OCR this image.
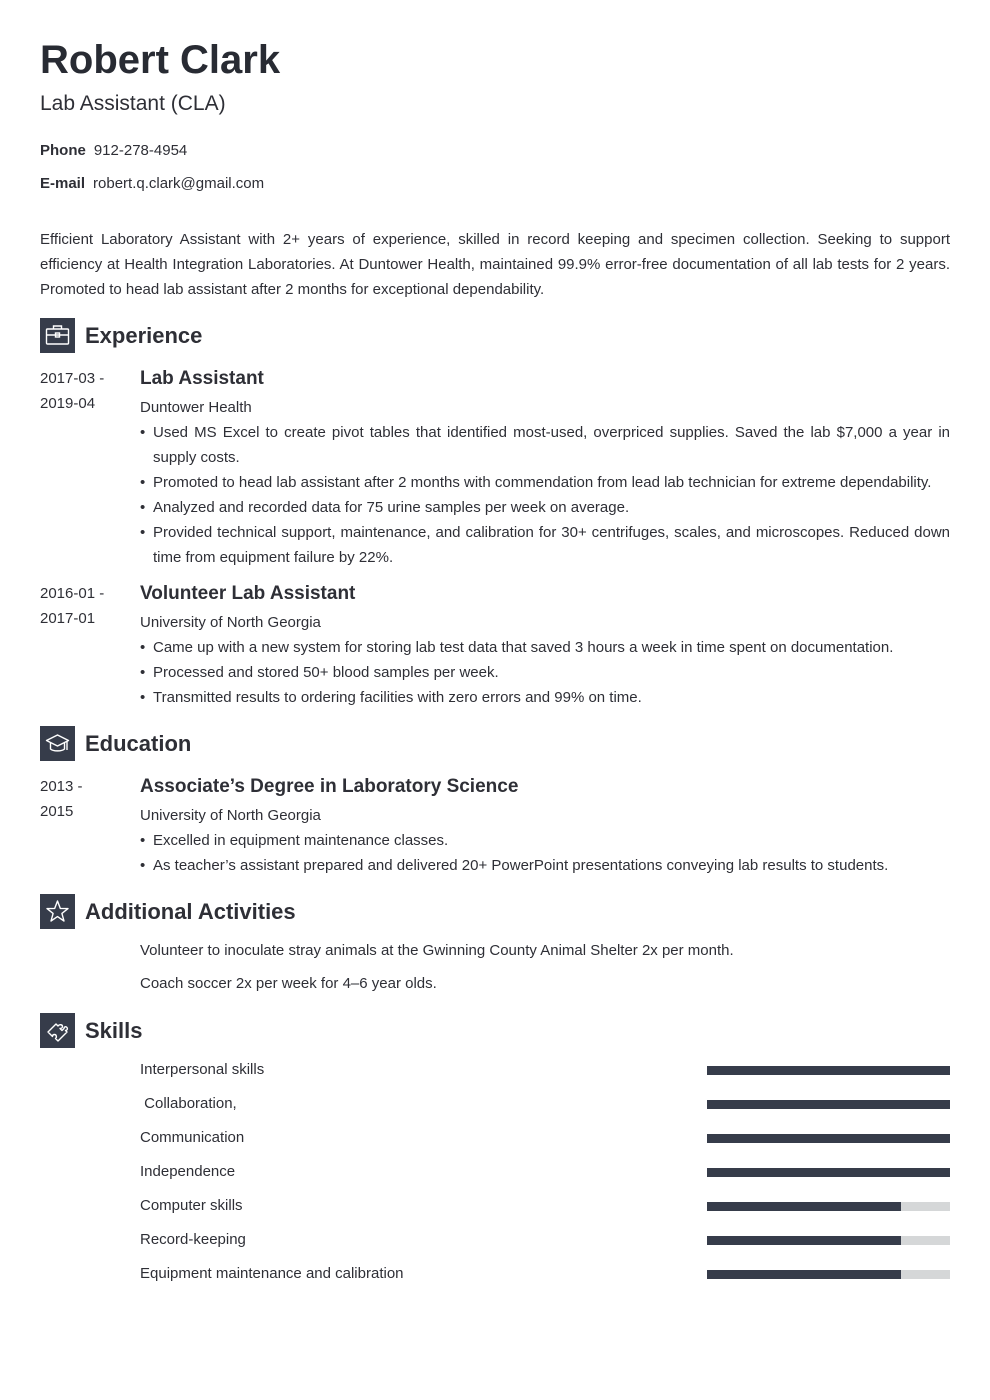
Robert Clark
Lab Assistant (CLA)
Phone 912-278-4954
E-mail robert.q.clark@gmail.com

Efficient Laboratory Assistant with 2+ years of experience, skilled in record keeping and specimen collection. Seeking to support efficiency at Health Integration Laboratories. At Duntower Health, maintained 99.9% error-free documentation of all lab tests for 2 years. Promoted to head lab assistant after 2 months for exceptional dependability.

Experience
2017-03 -
2019-04
Lab Assistant
Duntower Health
• Used MS Excel to create pivot tables that identified most-used, overpriced supplies. Saved the lab $7,000 a year in supply costs.
• Promoted to head lab assistant after 2 months with commendation from lead lab technician for extreme dependability.
• Analyzed and recorded data for 75 urine samples per week on average.
• Provided technical support, maintenance, and calibration for 30+ centrifuges, scales, and microscopes. Reduced down time from equipment failure by 22%.
2016-01 -
2017-01
Volunteer Lab Assistant
University of North Georgia
• Came up with a new system for storing lab test data that saved 3 hours a week in time spent on documentation.
• Processed and stored 50+ blood samples per week.
• Transmitted results to ordering facilities with zero errors and 99% on time.
Education
2013 -
2015
Associate’s Degree in Laboratory Science
University of North Georgia
• Excelled in equipment maintenance classes.
• As teacher’s assistant prepared and delivered 20+ PowerPoint presentations conveying lab results to students.
Additional Activities
Volunteer to inoculate stray animals at the Gwinning County Animal Shelter 2x per month.
Coach soccer 2x per week for 4–6 year olds.
Skills
Interpersonal skills
Collaboration,
Communication
Independence
Computer skills
Record-keeping
Equipment maintenance and calibration
